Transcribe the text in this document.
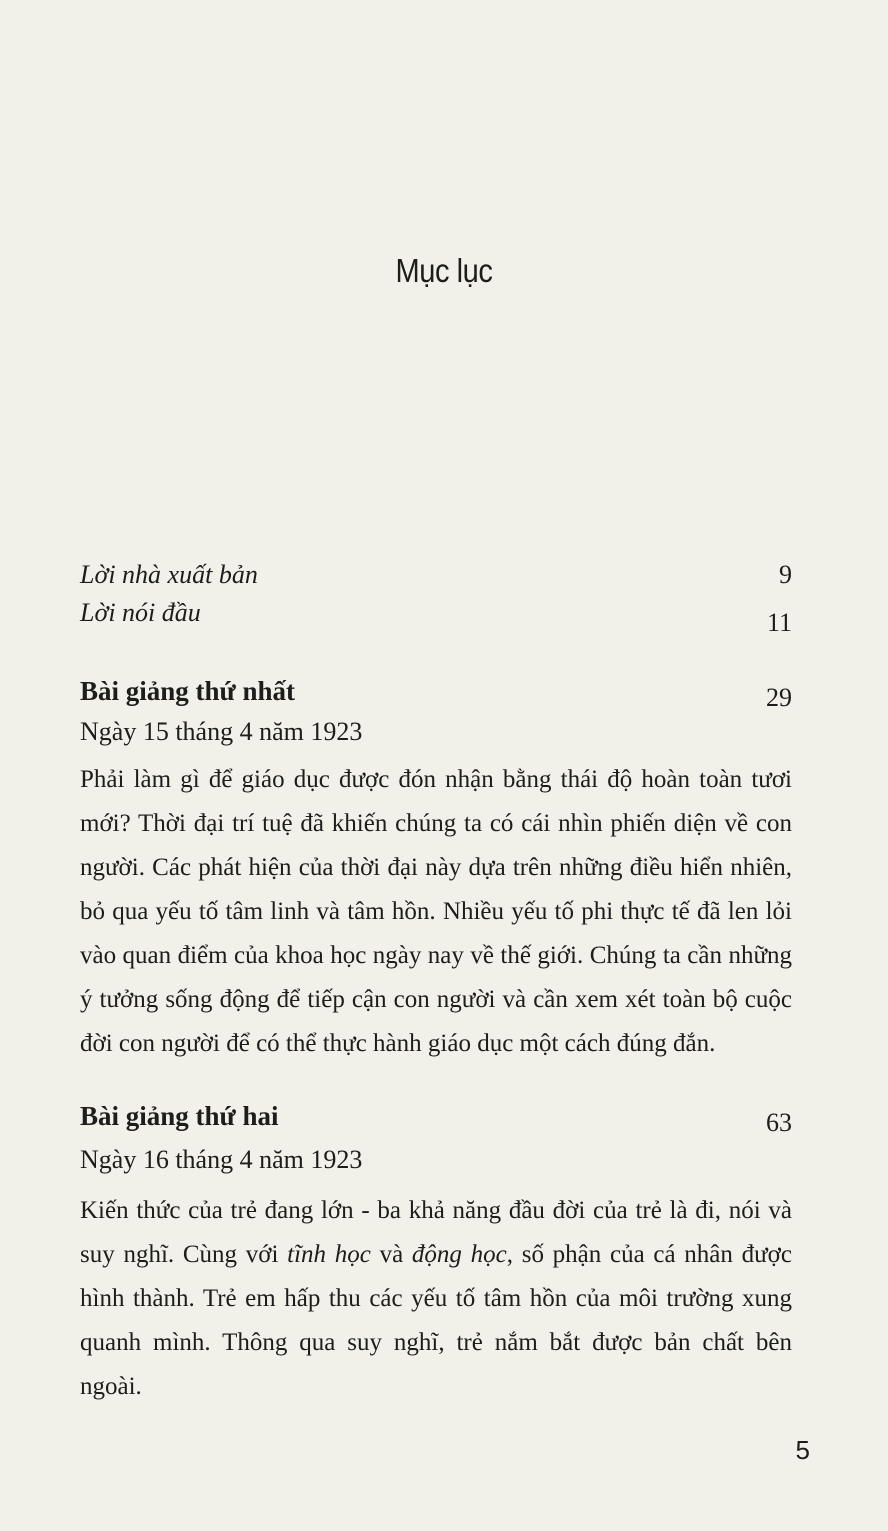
Mục lục
Lời nhà xuất bản	9
Lời nói đầu	11
Bài giảng thứ nhất	29
Ngày 15 tháng 4 năm 1923
Phải làm gì để giáo dục được đón nhận bằng thái độ hoàn toàn tươi mới? Thời đại trí tuệ đã khiến chúng ta có cái nhìn phiến diện về con người. Các phát hiện của thời đại này dựa trên những điều hiển nhiên, bỏ qua yếu tố tâm linh và tâm hồn. Nhiều yếu tố phi thực tế đã len lỏi vào quan điểm của khoa học ngày nay về thế giới. Chúng ta cần những ý tưởng sống động để tiếp cận con người và cần xem xét toàn bộ cuộc đời con người để có thể thực hành giáo dục một cách đúng đắn.
Bài giảng thứ hai	63
Ngày 16 tháng 4 năm 1923
Kiến thức của trẻ đang lớn - ba khả năng đầu đời của trẻ là đi, nói và suy nghĩ. Cùng với tĩnh học và động học, số phận của cá nhân được hình thành. Trẻ em hấp thu các yếu tố tâm hồn của môi trường xung quanh mình. Thông qua suy nghĩ, trẻ nắm bắt được bản chất bên ngoài.
5
